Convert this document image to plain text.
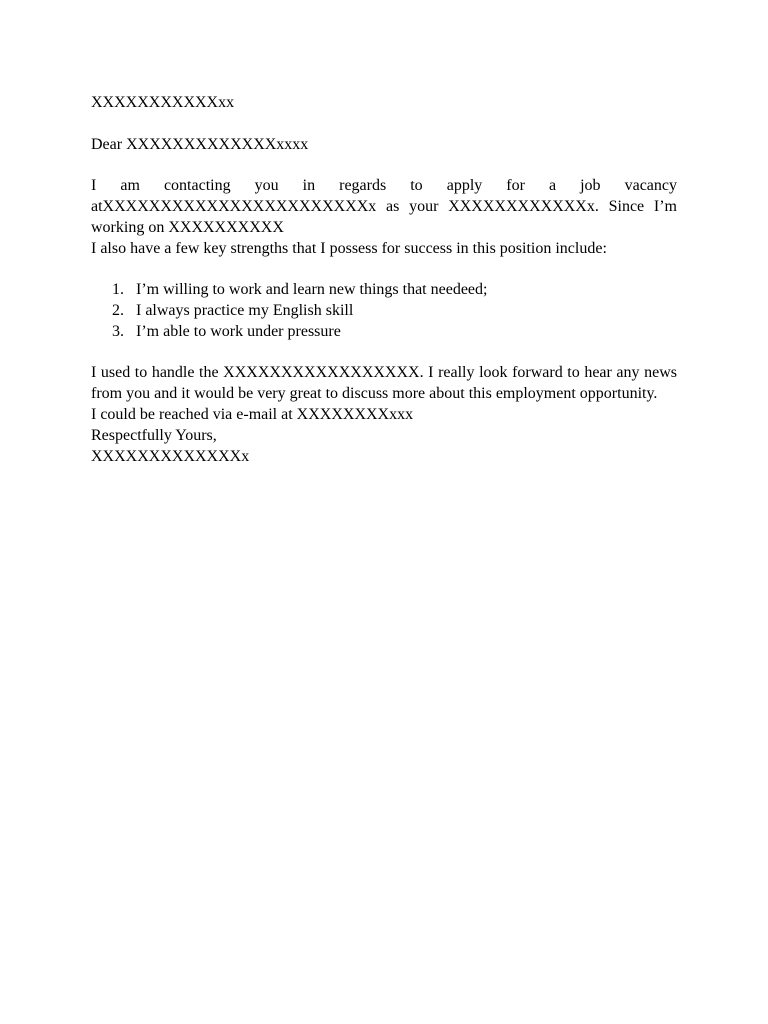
XXXXXXXXXXXxx

Dear XXXXXXXXXXXXXxxxx

I am contacting you in regards to apply for a job vacancy atXXXXXXXXXXXXXXXXXXXXXXXx as your XXXXXXXXXXXXx. Since I’m working on XXXXXXXXXX

I also have a few key strengths that I possess for success in this position include:

1. I’m willing to work and learn new things that needeed;
2. I always practice my English skill
3. I’m able to work under pressure

I used to handle the XXXXXXXXXXXXXXXXX. I really look forward to hear any news from you and it would be very great to discuss more about this employment opportunity.

I could be reached via e-mail at XXXXXXXXxxx

Respectfully Yours,

XXXXXXXXXXXXXx
